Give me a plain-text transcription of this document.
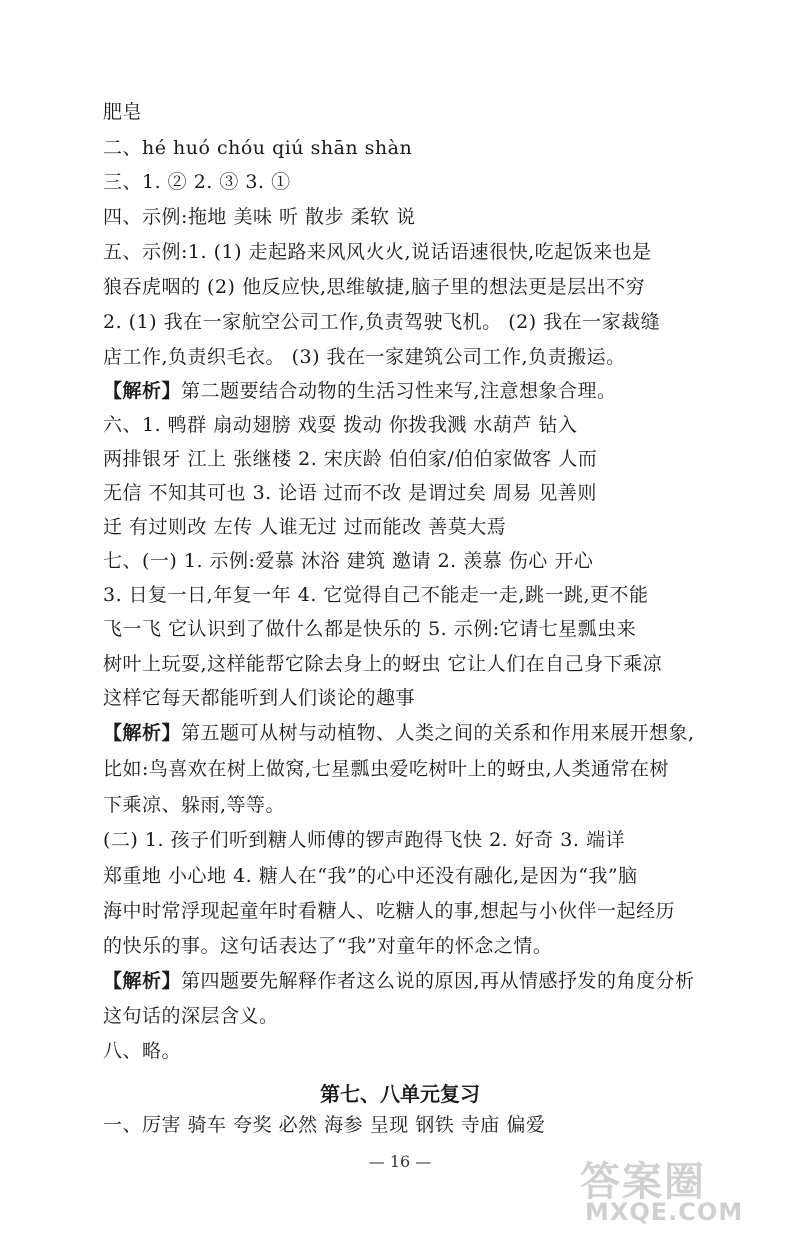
肥皂
二、hé huó chóu qiú shān shàn
三、1. ② 2. ③ 3. ①
四、示例:拖地 美味 听 散步 柔软 说
五、示例:1. (1) 走起路来风风火火,说话语速很快,吃起饭来也是
狼吞虎咽的 (2) 他反应快,思维敏捷,脑子里的想法更是层出不穷
2. (1) 我在一家航空公司工作,负责驾驶飞机。 (2) 我在一家裁缝
店工作,负责织毛衣。 (3) 我在一家建筑公司工作,负责搬运。
【解析】第二题要结合动物的生活习性来写,注意想象合理。
六、1. 鸭群 扇动翅膀 戏耍 拨动 你拨我溅 水葫芦 钻入
两排银牙 江上 张继楼 2. 宋庆龄 伯伯家/伯伯家做客 人而
无信 不知其可也 3. 论语 过而不改 是谓过矣 周易 见善则
迁 有过则改 左传 人谁无过 过而能改 善莫大焉
七、(一) 1. 示例:爱慕 沐浴 建筑 邀请 2. 羡慕 伤心 开心
3. 日复一日,年复一年 4. 它觉得自己不能走一走,跳一跳,更不能
飞一飞 它认识到了做什么都是快乐的 5. 示例:它请七星瓢虫来
树叶上玩耍,这样能帮它除去身上的蚜虫 它让人们在自己身下乘凉
这样它每天都能听到人们谈论的趣事
【解析】第五题可从树与动植物、人类之间的关系和作用来展开想象,
比如:鸟喜欢在树上做窝,七星瓢虫爱吃树叶上的蚜虫,人类通常在树
下乘凉、躲雨,等等。
(二) 1. 孩子们听到糖人师傅的锣声跑得飞快 2. 好奇 3. 端详
郑重地 小心地 4. 糖人在“我”的心中还没有融化,是因为“我”脑
海中时常浮现起童年时看糖人、吃糖人的事,想起与小伙伴一起经历
的快乐的事。这句话表达了“我”对童年的怀念之情。
【解析】第四题要先解释作者这么说的原因,再从情感抒发的角度分析
这句话的深层含义。
八、略。
第七、八单元复习
一、厉害 骑车 夸奖 必然 海参 呈现 钢铁 寺庙 偏爱
— 16 —	答案圈
MXQE.COM
